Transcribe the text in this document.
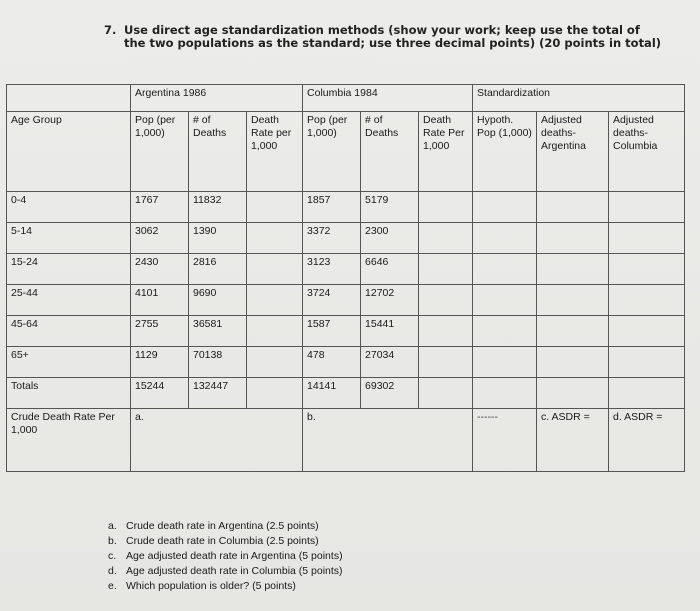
7. Use direct age standardization methods (show your work; keep use the total of the two populations as the standard; use three decimal points) (20 points in total)
	Argentina 1986			Columbia 1984			Standardization		
Age Group	Pop (per 1,000)	# of Deaths	Death Rate per 1,000	Pop (per 1,000)	# of Deaths	Death Rate Per 1,000	Hypoth. Pop (1,000)	Adjusted deaths- Argentina	Adjusted deaths- Columbia
0-4	1767	11832		1857	5179				
5-14	3062	1390		3372	2300				
15-24	2430	2816		3123	6646				
25-44	4101	9690		3724	12702				
45-64	2755	36581		1587	15441				
65+	1129	70138		478	27034				
Totals	15244	132447		14141	69302				
Crude Death Rate Per 1,000	a.			b.			------	c. ASDR =	d. ASDR =
a. Crude death rate in Argentina (2.5 points)
b. Crude death rate in Columbia (2.5 points)
c. Age adjusted death rate in Argentina (5 points)
d. Age adjusted death rate in Columbia (5 points)
e. Which population is older? (5 points)
